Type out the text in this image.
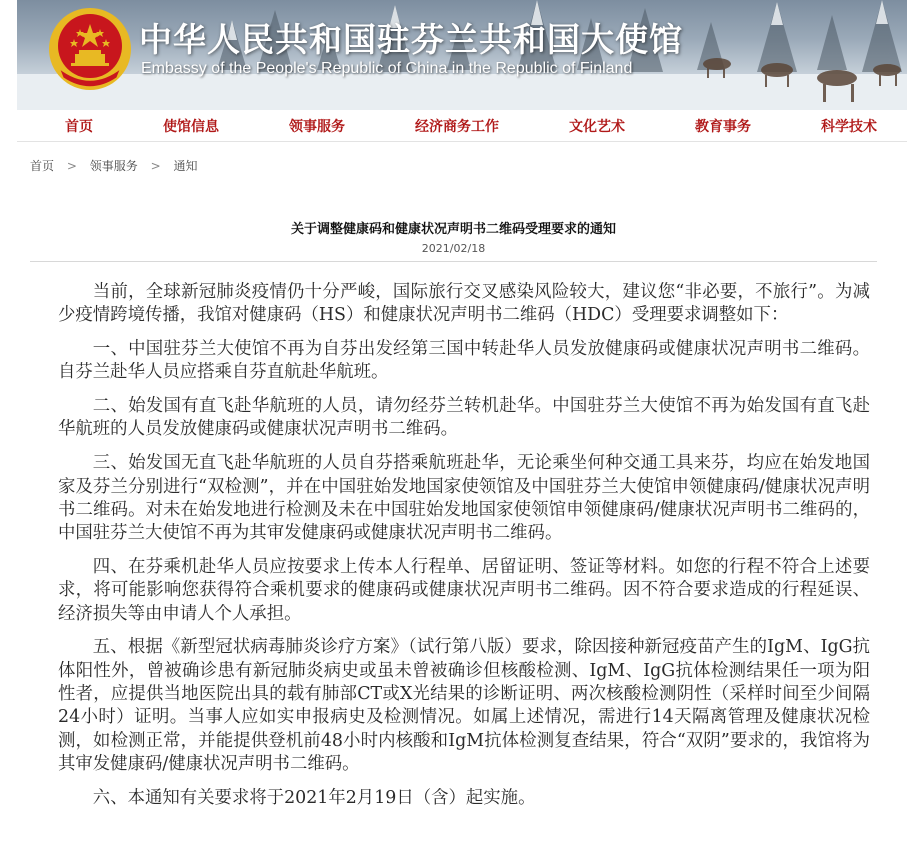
中华人民共和国驻芬兰共和国大使馆
Embassy of the People's Republic of China in the Republic of Finland
首页	使馆信息	领事服务	经济商务工作	文化艺术	教育事务	科学技术
首页 > 领事服务 > 通知
关于调整健康码和健康状况声明书二维码受理要求的通知
2021/02/18

当前，全球新冠肺炎疫情仍十分严峻，国际旅行交叉感染风险较大，建议您“非必要，不旅行”。为减少疫情跨境传播，我馆对健康码（HS）和健康状况声明书二维码（HDC）受理要求调整如下：

一、中国驻芬兰大使馆不再为自芬出发经第三国中转赴华人员发放健康码或健康状况声明书二维码。自芬兰赴华人员应搭乘自芬直航赴华航班。

二、始发国有直飞赴华航班的人员，请勿经芬兰转机赴华。中国驻芬兰大使馆不再为始发国有直飞赴华航班的人员发放健康码或健康状况声明书二维码。

三、始发国无直飞赴华航班的人员自芬搭乘航班赴华，无论乘坐何种交通工具来芬，均应在始发地国家及芬兰分别进行“双检测”，并在中国驻始发地国家使领馆及中国驻芬兰大使馆申领健康码/健康状况声明书二维码。对未在始发地进行检测及未在中国驻始发地国家使领馆申领健康码/健康状况声明书二维码的，中国驻芬兰大使馆不再为其审发健康码或健康状况声明书二维码。

四、在芬乘机赴华人员应按要求上传本人行程单、居留证明、签证等材料。如您的行程不符合上述要求，将可能影响您获得符合乘机要求的健康码或健康状况声明书二维码。因不符合要求造成的行程延误、经济损失等由申请人个人承担。

五、根据《新型冠状病毒肺炎诊疗方案》（试行第八版）要求，除因接种新冠疫苗产生的IgM、IgG抗体阳性外，曾被确诊患有新冠肺炎病史或虽未曾被确诊但核酸检测、IgM、IgG抗体检测结果任一项为阳性者，应提供当地医院出具的载有肺部CT或X光结果的诊断证明、两次核酸检测阴性（采样时间至少间隔24小时）证明。当事人应如实申报病史及检测情况。如属上述情况，需进行14天隔离管理及健康状况检测，如检测正常，并能提供登机前48小时内核酸和IgM抗体检测复查结果，符合“双阴”要求的，我馆将为其审发健康码/健康状况声明书二维码。

六、本通知有关要求将于2021年2月19日（含）起实施。
